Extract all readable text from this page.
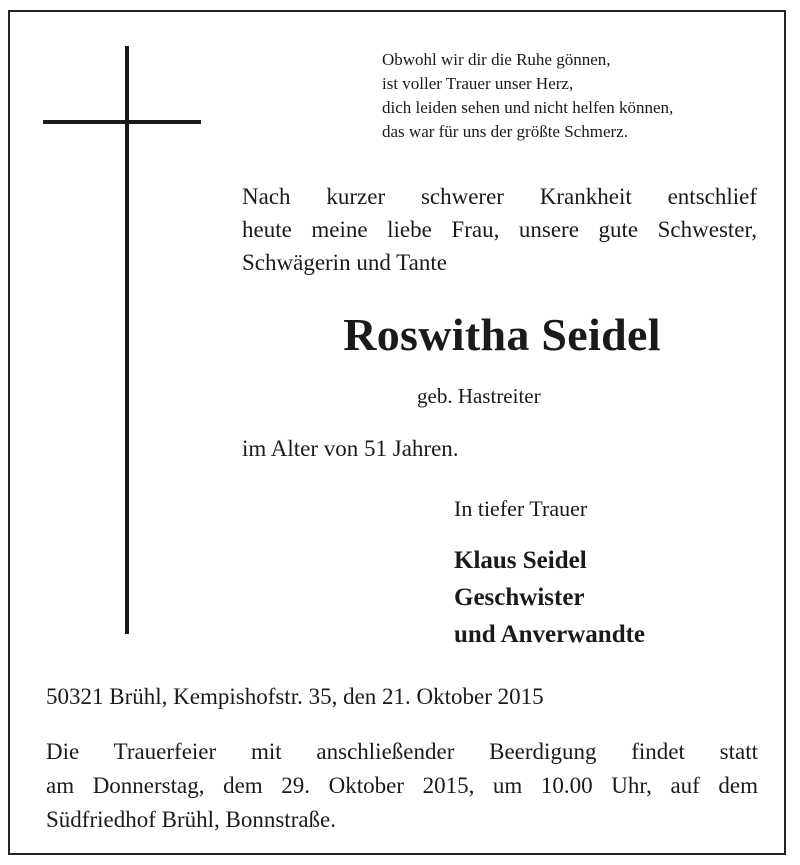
Obwohl wir dir die Ruhe gönnen,
ist voller Trauer unser Herz,
dich leiden sehen und nicht helfen können,
das war für uns der größte Schmerz.
Nach kurzer schwerer Krankheit entschlief
heute meine liebe Frau, unsere gute Schwester,
Schwägerin und Tante
Roswitha Seidel
geb. Hastreiter
im Alter von 51 Jahren.
In tiefer Trauer
Klaus Seidel
Geschwister
und Anverwandte
50321 Brühl, Kempishofstr. 35, den 21. Oktober 2015
Die Trauerfeier mit anschließender Beerdigung findet statt
am Donnerstag, dem 29. Oktober 2015, um 10.00 Uhr, auf dem
Südfriedhof Brühl, Bonnstraße.
